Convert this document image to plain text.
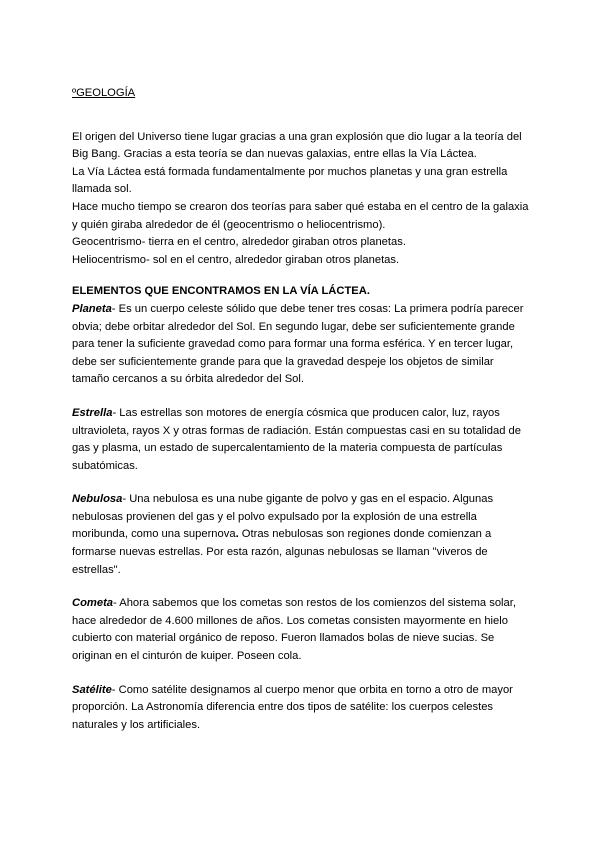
ºGEOLOGÍA

El origen del Universo tiene lugar gracias a una gran explosión que dio lugar a la teoría del
Big Bang. Gracias a esta teoría se dan nuevas galaxias, entre ellas la Vía Láctea.
La Vía Láctea está formada fundamentalmente por muchos planetas y una gran estrella
llamada sol.
Hace mucho tiempo se crearon dos teorías para saber qué estaba en el centro de la galaxia
y quién giraba alrededor de él (geocentrismo o heliocentrismo).
Geocentrismo- tierra en el centro, alrededor giraban otros planetas.
Heliocentrismo- sol en el centro, alrededor giraban otros planetas.

ELEMENTOS QUE ENCONTRAMOS EN LA VÍA LÁCTEA.

Planeta- Es un cuerpo celeste sólido que debe tener tres cosas: La primera podría parecer
obvia; debe orbitar alrededor del Sol. En segundo lugar, debe ser suficientemente grande
para tener la suficiente gravedad como para formar una forma esférica. Y en tercer lugar,
debe ser suficientemente grande para que la gravedad despeje los objetos de similar
tamaño cercanos a su órbita alrededor del Sol.
Estrella- Las estrellas son motores de energía cósmica que producen calor, luz, rayos
ultravioleta, rayos X y otras formas de radiación. Están compuestas casi en su totalidad de
gas y plasma, un estado de supercalentamiento de la materia compuesta de partículas
subatómicas.
Nebulosa- Una nebulosa es una nube gigante de polvo y gas en el espacio. Algunas
nebulosas provienen del gas y el polvo expulsado por la explosión de una estrella
moribunda, como una supernova. Otras nebulosas son regiones donde comienzan a
formarse nuevas estrellas. Por esta razón, algunas nebulosas se llaman "viveros de
estrellas".
Cometa- Ahora sabemos que los cometas son restos de los comienzos del sistema solar,
hace alrededor de 4.600 millones de años. Los cometas consisten mayormente en hielo
cubierto con material orgánico de reposo. Fueron llamados bolas de nieve sucias. Se
originan en el cinturón de kuiper. Poseen cola.
Satélite- Como satélite designamos al cuerpo menor que orbita en torno a otro de mayor
proporción. La Astronomía diferencia entre dos tipos de satélite: los cuerpos celestes
naturales y los artificiales.
